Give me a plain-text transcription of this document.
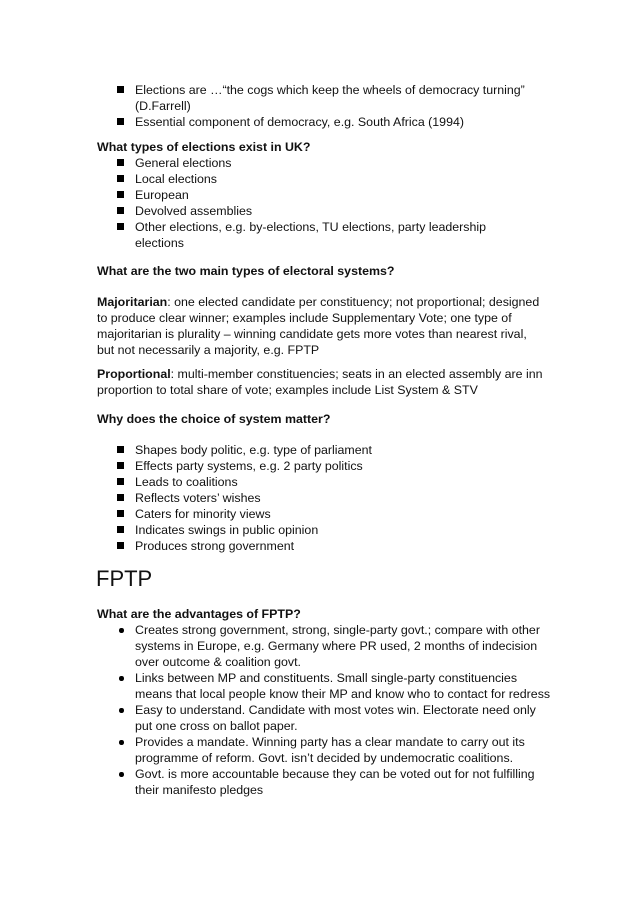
Elections are …“the cogs which keep the wheels of democracy turning” (D.Farrell)
Essential component of democracy, e.g. South Africa (1994)

What types of elections exist in UK?

General elections
Local elections
European
Devolved assemblies
Other elections, e.g. by-elections, TU elections, party leadership elections

What are the two main types of electoral systems?

Majoritarian: one elected candidate per constituency; not proportional; designed to produce clear winner; examples include Supplementary Vote; one type of majoritarian is plurality – winning candidate gets more votes than nearest rival, but not necessarily a majority, e.g. FPTP

Proportional: multi-member constituencies; seats in an elected assembly are inn proportion to total share of vote; examples include List System & STV

Why does the choice of system matter?

Shapes body politic, e.g. type of parliament
Effects party systems, e.g. 2 party politics
Leads to coalitions
Reflects voters’ wishes
Caters for minority views
Indicates swings in public opinion
Produces strong government
FPTP

What are the advantages of FPTP?

Creates strong government, strong, single-party govt.; compare with other systems in Europe, e.g. Germany where PR used, 2 months of indecision over outcome & coalition govt.
Links between MP and constituents. Small single-party constituencies means that local people know their MP and know who to contact for redress
Easy to understand. Candidate with most votes win. Electorate need only put one cross on ballot paper.
Provides a mandate. Winning party has a clear mandate to carry out its programme of reform. Govt. isn’t decided by undemocratic coalitions.
Govt. is more accountable because they can be voted out for not fulfilling their manifesto pledges
